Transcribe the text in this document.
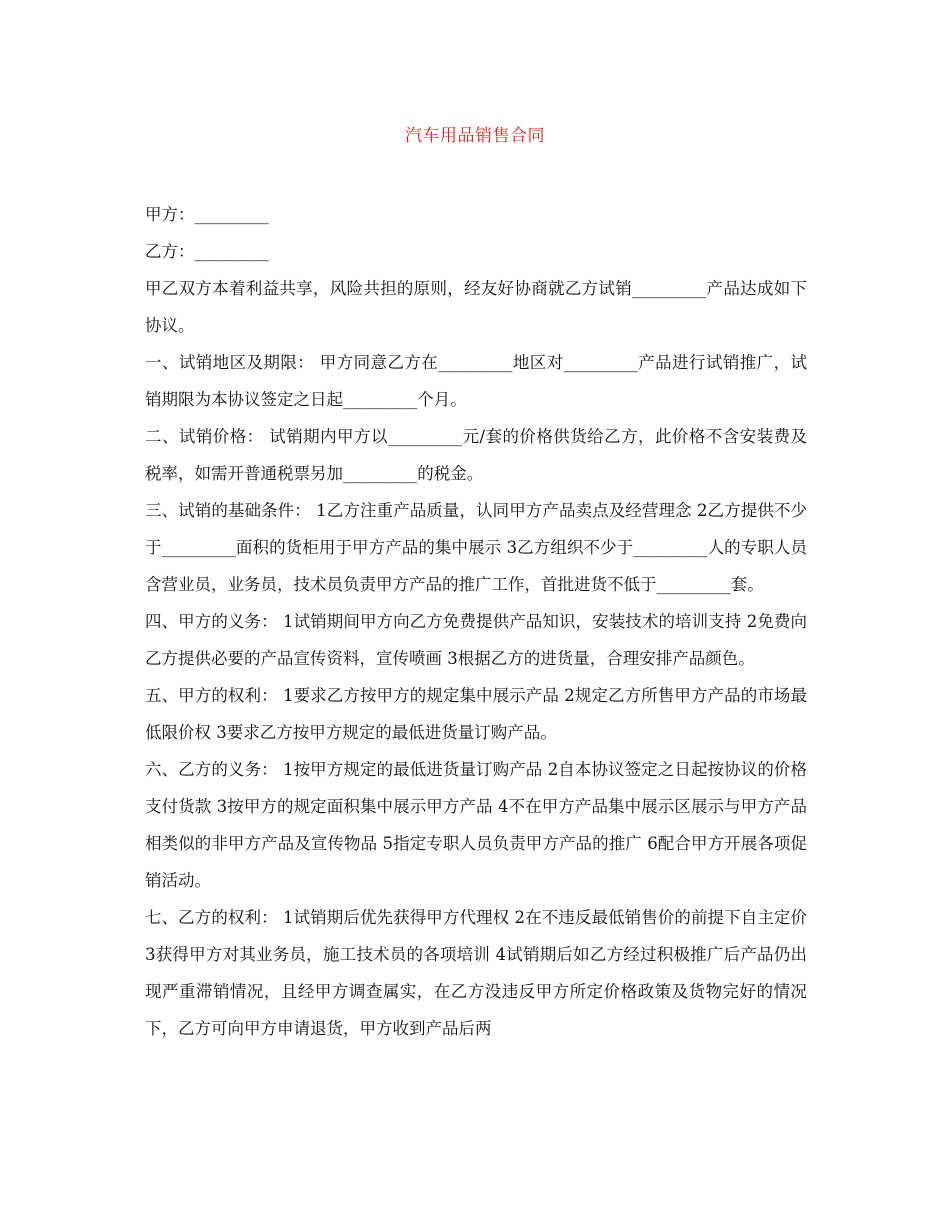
汽车用品销售合同

甲方：_________

乙方：_________

甲乙双方本着利益共享，风险共担的原则，经友好协商就乙方试销_________产品达成如下协议。

一、试销地区及期限： 甲方同意乙方在_________地区对_________产品进行试销推广，试销期限为本协议签定之日起_________个月。

二、试销价格： 试销期内甲方以_________元/套的价格供货给乙方，此价格不含安装费及税率，如需开普通税票另加_________的税金。

三、试销的基础条件： 1乙方注重产品质量，认同甲方产品卖点及经营理念 2乙方提供不少于_________面积的货柜用于甲方产品的集中展示 3乙方组织不少于_________人的专职人员含营业员，业务员，技术员负责甲方产品的推广工作，首批进货不低于_________套。

四、甲方的义务： 1试销期间甲方向乙方免费提供产品知识，安装技术的培训支持 2免费向乙方提供必要的产品宣传资料，宣传喷画 3根据乙方的进货量，合理安排产品颜色。

五、甲方的权利： 1要求乙方按甲方的规定集中展示产品 2规定乙方所售甲方产品的市场最低限价权 3要求乙方按甲方规定的最低进货量订购产品。

六、乙方的义务： 1按甲方规定的最低进货量订购产品 2自本协议签定之日起按协议的价格支付货款 3按甲方的规定面积集中展示甲方产品 4不在甲方产品集中展示区展示与甲方产品相类似的非甲方产品及宣传物品 5指定专职人员负责甲方产品的推广 6配合甲方开展各项促销活动。

七、乙方的权利： 1试销期后优先获得甲方代理权 2在不违反最低销售价的前提下自主定价 3获得甲方对其业务员，施工技术员的各项培训 4试销期后如乙方经过积极推广后产品仍出现严重滞销情况，且经甲方调查属实，在乙方没违反甲方所定价格政策及货物完好的情况下，乙方可向甲方申请退货，甲方收到产品后两
